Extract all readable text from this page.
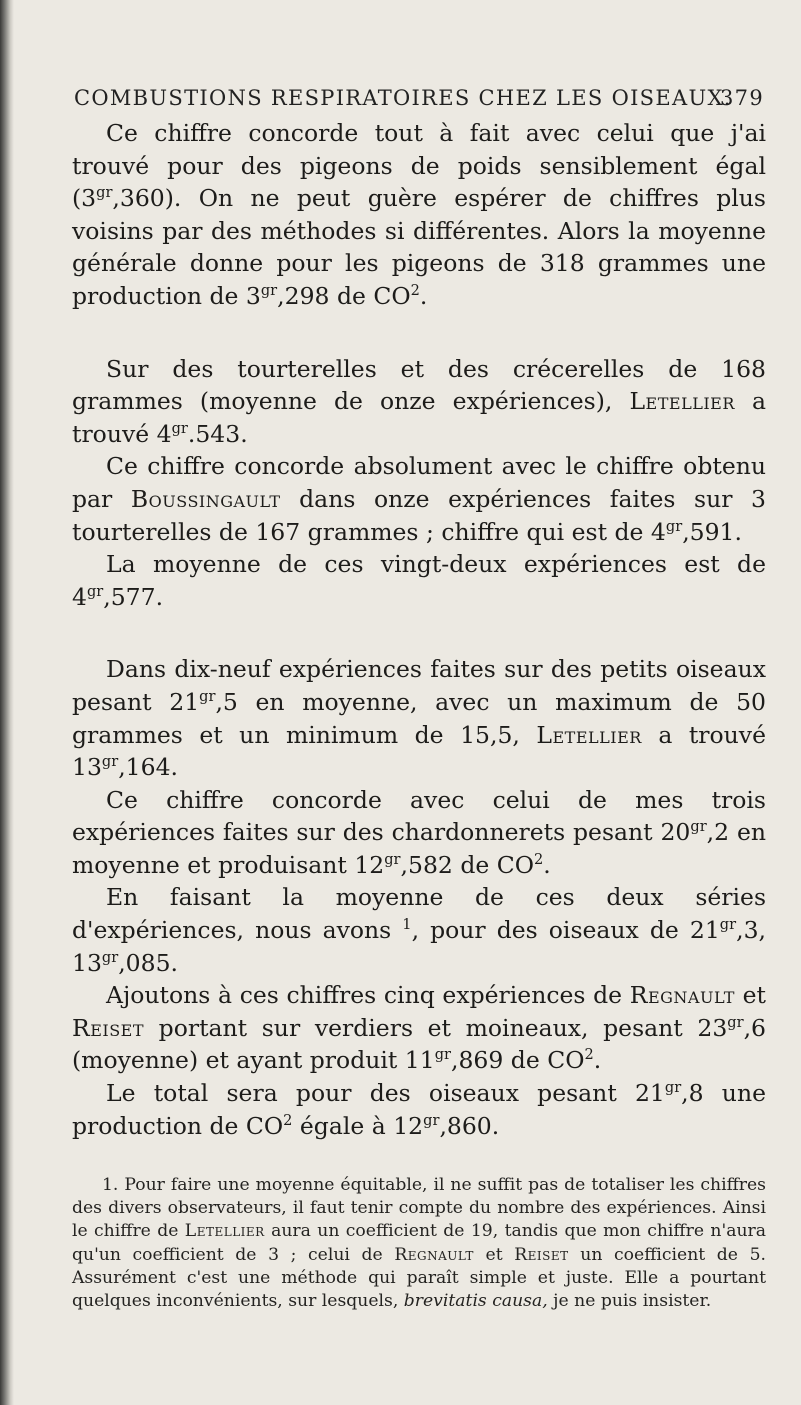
COMBUSTIONS RESPIRATOIRES CHEZ LES OISEAUX.
379

Ce chiffre concorde tout à fait avec celui que j'ai trouvé pour des pigeons de poids sensiblement égal $(3^{gr},360)$. On ne peut guère espérer de chiffres plus voisins par des méthodes si différentes. Alors la moyenne générale donne pour les pigeons de 318 grammes une production de $3^{gr},298$ de $CO^2$.

Sur des tourterelles et des crécerelles de 168 grammes (moyenne de onze expériences), Letellier a trouvé $4^{gr}.543$.

Ce chiffre concorde absolument avec le chiffre obtenu par Boussingault dans onze expériences faites sur 3 tourterelles de 167 grammes ; chiffre qui est de $4^{gr},591$.

La moyenne de ces vingt-deux expériences est de $4^{gr},577$.

Dans dix-neuf expériences faites sur des petits oiseaux pesant $21^{gr},5$ en moyenne, avec un maximum de 50 grammes et un minimum de 15,5, Letellier a trouvé $13^{gr},164$.

Ce chiffre concorde avec celui de mes trois expériences faites sur des chardonnerets pesant $20^{gr},2$ en moyenne et produisant $12^{gr},582$ de $CO^2$.

En faisant la moyenne de ces deux séries d'expériences, nous avons $^1$, pour des oiseaux de $21^{gr},3$, $13^{gr},085$.

Ajoutons à ces chiffres cinq expériences de Regnault et Reiset portant sur verdiers et moineaux, pesant $23^{gr},6$ (moyenne) et ayant produit $11^{gr},869$ de $CO^2$.

Le total sera pour des oiseaux pesant $21^{gr},8$ une production de $CO^2$ égale à $12^{gr},860$.

1. Pour faire une moyenne équitable, il ne suffit pas de totaliser les chiffres des divers observateurs, il faut tenir compte du nombre des expériences. Ainsi le chiffre de Letellier aura un coefficient de 19, tandis que mon chiffre n'aura qu'un coefficient de 3 ; celui de Regnault et Reiset un coefficient de 5. Assurément c'est une méthode qui paraît simple et juste. Elle a pourtant quelques inconvénients, sur lesquels, brevitatis causa, je ne puis insister.
